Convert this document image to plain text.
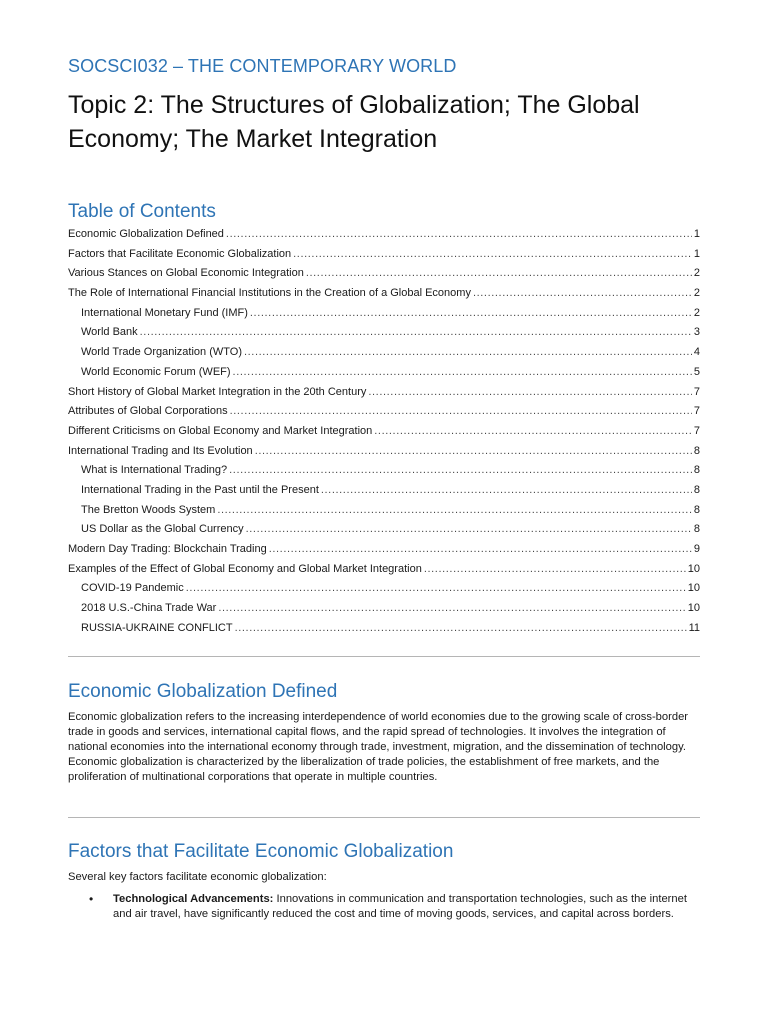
SOCSCI032 – THE CONTEMPORARY WORLD
Topic 2: The Structures of Globalization; The Global Economy; The Market Integration
Table of Contents
Economic Globalization Defined .....	1
Factors that Facilitate Economic Globalization .....	1
Various Stances on Global Economic Integration .....	2
The Role of International Financial Institutions in the Creation of a Global Economy .....	2
International Monetary Fund (IMF) .....	2
World Bank .....	3
World Trade Organization (WTO) .....	4
World Economic Forum (WEF) .....	5
Short History of Global Market Integration in the 20th Century .....	7
Attributes of Global Corporations .....	7
Different Criticisms on Global Economy and Market Integration .....	7
International Trading and Its Evolution .....	8
What is International Trading? .....	8
International Trading in the Past until the Present .....	8
The Bretton Woods System .....	8
US Dollar as the Global Currency .....	8
Modern Day Trading: Blockchain Trading .....	9
Examples of the Effect of Global Economy and Global Market Integration .....	10
COVID-19 Pandemic .....	10
2018 U.S.-China Trade War .....	10
RUSSIA-UKRAINE CONFLICT .....	11
Economic Globalization Defined

Economic globalization refers to the increasing interdependence of world economies due to the growing scale of cross-border trade in goods and services, international capital flows, and the rapid spread of technologies. It involves the integration of national economies into the international economy through trade, investment, migration, and the dissemination of technology. Economic globalization is characterized by the liberalization of trade policies, the establishment of free markets, and the proliferation of multinational corporations that operate in multiple countries.

Factors that Facilitate Economic Globalization

Several key factors facilitate economic globalization:

• Technological Advancements: Innovations in communication and transportation technologies, such as the internet and air travel, have significantly reduced the cost and time of moving goods, services, and capital across borders.
